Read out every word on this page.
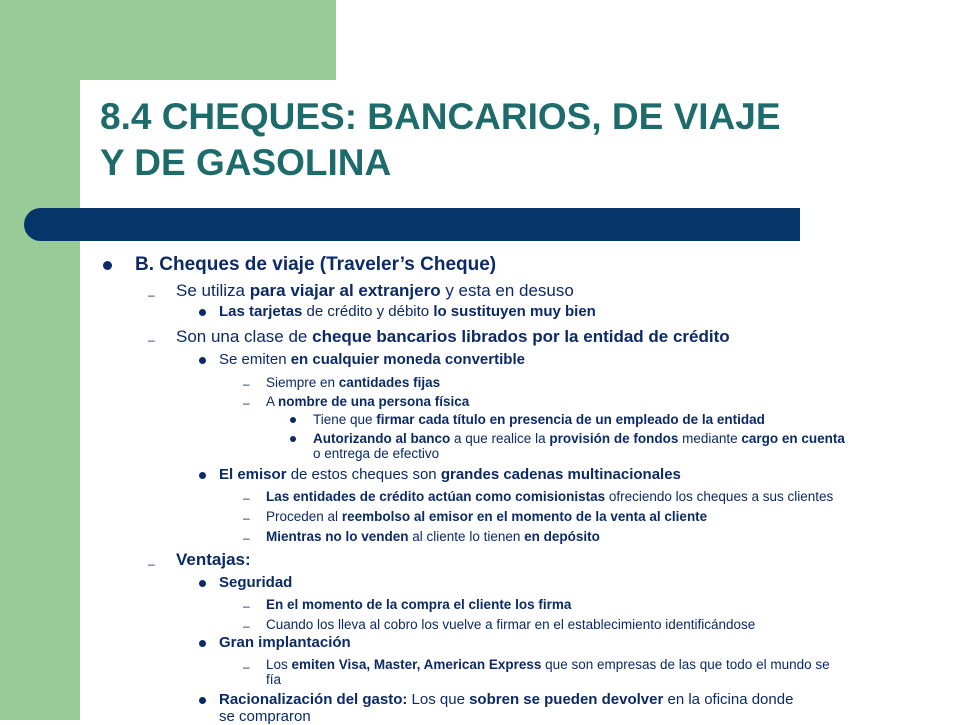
8.4 CHEQUES: BANCARIOS, DE VIAJE
Y DE GASOLINA
B. Cheques de viaje (Traveler’s Cheque)
– Se utiliza para viajar al extranjero y esta en desuso
Las tarjetas de crédito y débito lo sustituyen muy bien
– Son una clase de cheque bancarios librados por la entidad de crédito
Se emiten en cualquier moneda convertible
– Siempre en cantidades fijas
– A nombre de una persona física
Tiene que firmar cada título en presencia de un empleado de la entidad
Autorizando al banco a que realice la provisión de fondos mediante cargo en cuenta
o entrega de efectivo
El emisor de estos cheques son grandes cadenas multinacionales
– Las entidades de crédito actúan como comisionistas ofreciendo los cheques a sus clientes
– Proceden al reembolso al emisor en el momento de la venta al cliente
– Mientras no lo venden al cliente lo tienen en depósito
– Ventajas:
Seguridad
– En el momento de la compra el cliente los firma
– Cuando los lleva al cobro los vuelve a firmar en el establecimiento identificándose
Gran implantación
– Los emiten Visa, Master, American Express que son empresas de las que todo el mundo se
fía
Racionalización del gasto: Los que sobren se pueden devolver en la oficina donde
se compraron
